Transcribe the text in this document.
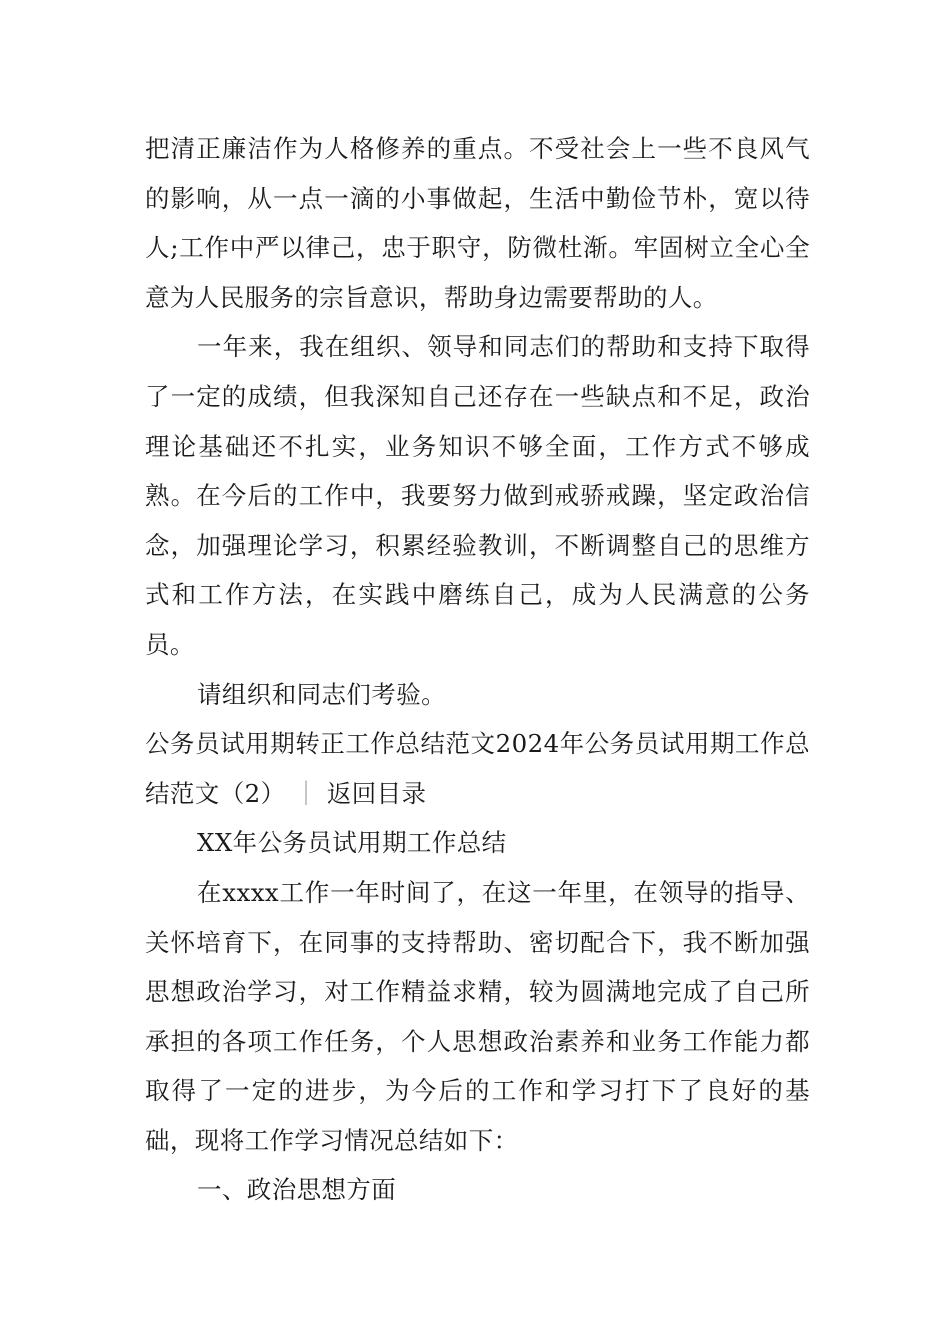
把清正廉洁作为人格修养的重点。不受社会上一些不良风气的影响，从一点一滴的小事做起，生活中勤俭节朴，宽以待人;工作中严以律己，忠于职守，防微杜渐。牢固树立全心全意为人民服务的宗旨意识，帮助身边需要帮助的人。

一年来，我在组织、领导和同志们的帮助和支持下取得了一定的成绩，但我深知自己还存在一些缺点和不足，政治理论基础还不扎实，业务知识不够全面，工作方式不够成熟。在今后的工作中，我要努力做到戒骄戒躁，坚定政治信念，加强理论学习，积累经验教训，不断调整自己的思维方式和工作方法，在实践中磨练自己，成为人民满意的公务员。

请组织和同志们考验。

公务员试用期转正工作总结范文2024年公务员试用期工作总结范文（2） ｜ 返回目录

XX年公务员试用期工作总结

在xxxx工作一年时间了，在这一年里，在领导的指导、关怀培育下，在同事的支持帮助、密切配合下，我不断加强思想政治学习，对工作精益求精，较为圆满地完成了自己所承担的各项工作任务，个人思想政治素养和业务工作能力都取得了一定的进步，为今后的工作和学习打下了良好的基础，现将工作学习情况总结如下：

一、政治思想方面
